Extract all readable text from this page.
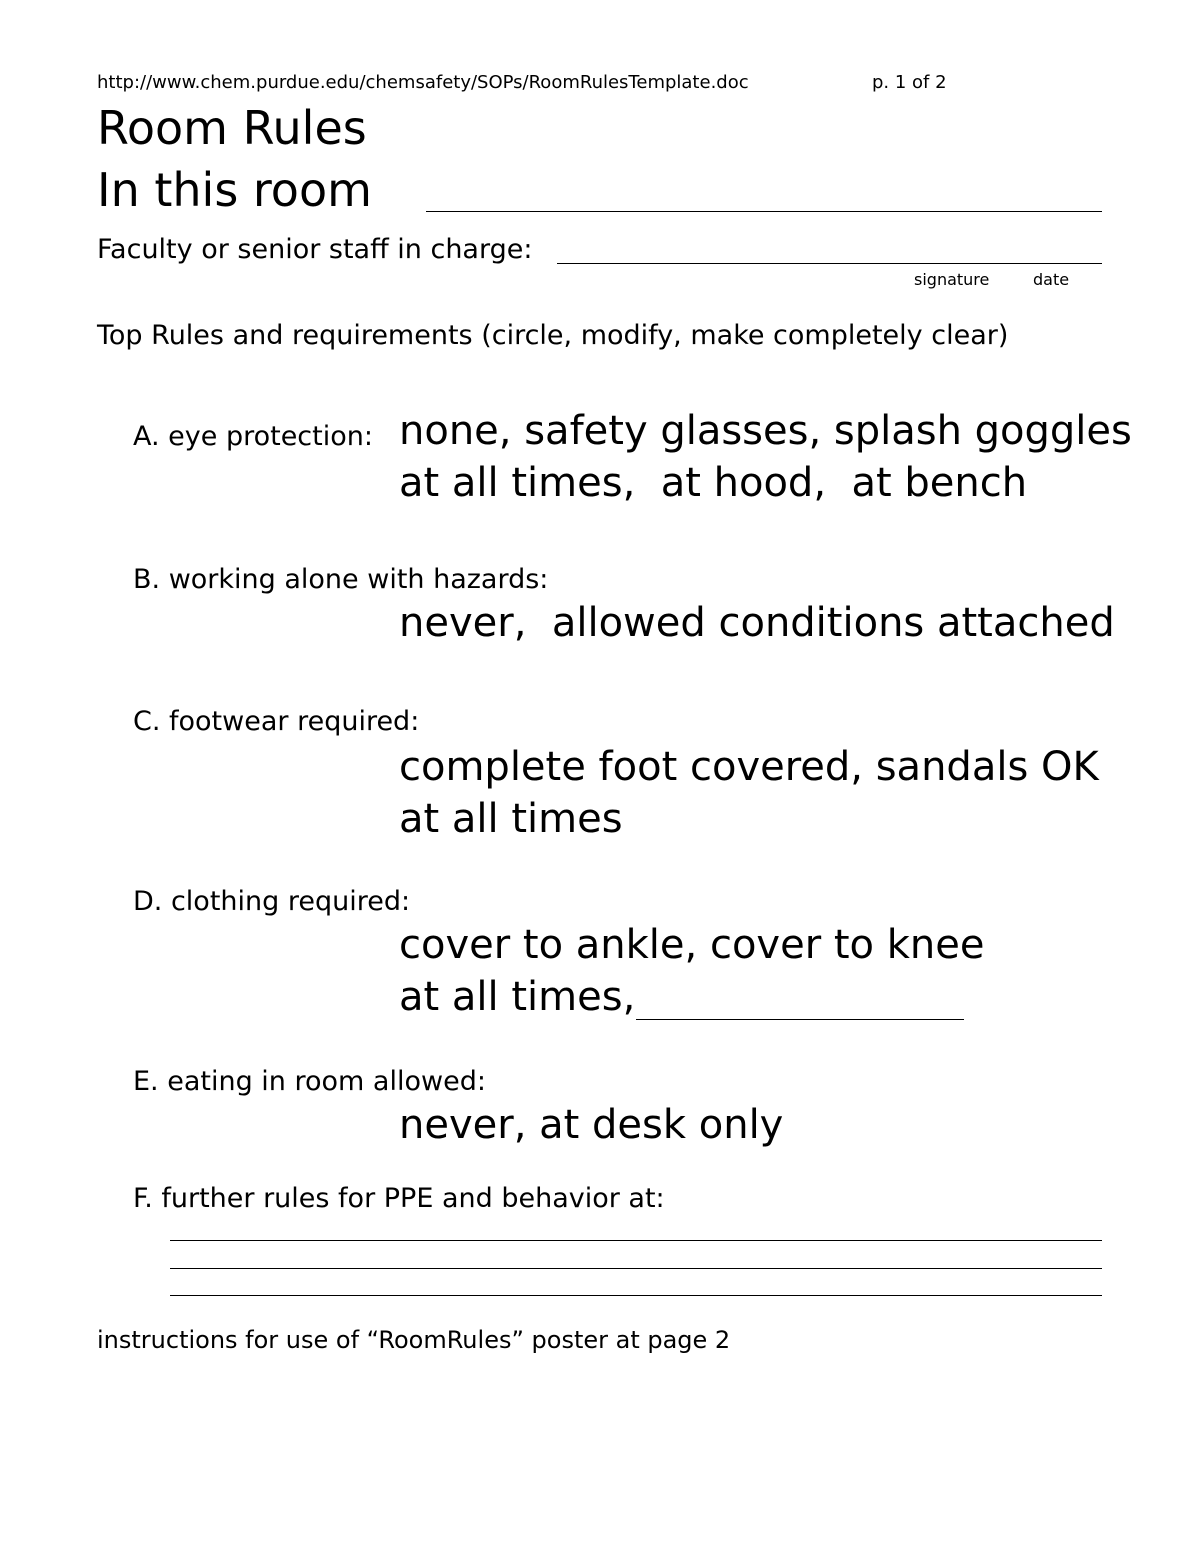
http://www.chem.purdue.edu/chemsafety/SOPs/RoomRulesTemplate.doc	p. 1 of 2
Room Rules
In this room
Faculty or senior staff in charge:
signature	date
Top Rules and requirements (circle, modify, make completely clear)
A. eye protection: none, safety glasses, splash goggles
at all times,  at hood,  at bench
B. working alone with hazards:
never,  allowed conditions attached
C. footwear required:
complete foot covered, sandals OK
at all times
D. clothing required:
cover to ankle, cover to knee
at all times,
E. eating in room allowed:
never, at desk only
F. further rules for PPE and behavior at:
instructions for use of “RoomRules” poster at page 2
